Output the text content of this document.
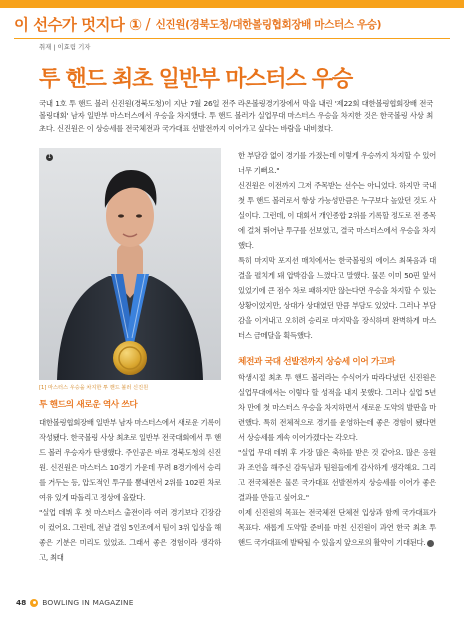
이 선수가 멋지다 ① / 신진원(경북도청/대한볼링협회장배 마스터스 우승)
취재 | 이효림 기자
투 핸드 최초 일반부 마스터스 우승

국내 1호 투 핸드 볼러 신진원(경북도청)이 지난 7월 26일 전주 라온볼링경기장에서 막을 내린 '제22회 대한볼링협회장배 전국볼링대회' 남자 일반부 마스터스에서 우승을 차지했다. 투 핸드 볼러가 실업무대 마스터스 우승을 차지한 것은 한국볼링 사상 최초다. 신진원은 이 상승세를 전국체전과 국가대표 선발전까지 이어가고 싶다는 바람을 내비쳤다.

1
[1] 마스터스 우승을 차지한 투 핸드 볼러 신진원
투 핸드의 새로운 역사 쓰다

대한볼링협회장배 일반부 남자 마스터스에서 새로운 기록이 작성됐다. 한국볼링 사상 최초로 일반부 전국대회에서 투 핸드 볼러 우승자가 탄생했다. 주인공은 바로 경북도청의 신진원. 신진원은 마스터스 10경기 가운데 무려 8경기에서 승리를 거두는 등, 압도적인 투구를 뽐내면서 2위를 102핀 차로 여유 있게 따돌리고 정상에 올랐다.

"실업 데뷔 후 첫 마스터스 출전이라 여러 경기보다 긴장감이 컸어요. 그런데, 전날 결임 5인조에서 팀이 3위 입상을 해 좋은 기분은 미리도 있었죠. 그래서 좋은 경험이라 생각하고, 최대

한 부담감 없이 경기를 가졌는데 이렇게 우승까지 차지할 수 있어 너무 기뻐요."

신진원은 이전까지 그저 주목받는 선수는 아니었다. 하지만 국내 첫 투 핸드 볼러로서 항상 가능성만큼은 누구보다 높았던 것도 사실이다. 그런데, 이 대회서 개인종합 2위를 기록할 정도로 전 종목에 걸쳐 뛰어난 투구를 선보였고, 결국 마스터스에서 우승을 차지했다.

특히 마지막 포지션 매치에서는 한국볼링의 에이스 최복음과 대결을 펼치게 돼 압박감을 느꼈다고 말했다. 물론 이미 50핀 앞서 있었기에 큰 점수 차로 패하지만 않는다면 우승을 차지할 수 있는 상황이었지만, 상대가 상대였던 만큼 부담도 있었다. 그러나 부담감을 이겨내고 오히려 승리로 마지막을 장식하며 완벽하게 마스터스 금메달을 획득했다.

체전과 국대 선발전까지 상승세 이어 가고파

학생시절 최초 투 핸드 볼러라는 수식어가 따라다녔던 신진원은 실업무대에서는 이렇다 할 성적을 내지 못했다. 그러나 실업 5년 차 만에 첫 마스터스 우승을 차지하면서 새로운 도약의 발판을 마련했다. 특히 전체적으로 경기를 운영하는데 좋은 경험이 됐다면서 상승세를 계속 이어가겠다는 각오다.

"실업 무대 데뷔 후 가장 많은 축하를 받은 것 같아요. 많은 응원과 조언을 해주신 감독님과 팀원들에게 감사하게 생각해요. 그리고 전국체전은 물론 국가대표 선발전까지 상승세를 이어가 좋은 결과를 만들고 싶어요."

이제 신진원의 목표는 전국체전 단체전 입상과 함께 국가대표가 목표다. 새롭게 도약할 준비를 마친 신진원이 과연 한국 최초 투 핸드 국가대표에 발탁될 수 있을지 앞으로의 활약이 기대된다.

48 BOWLING IN MAGAZINE
